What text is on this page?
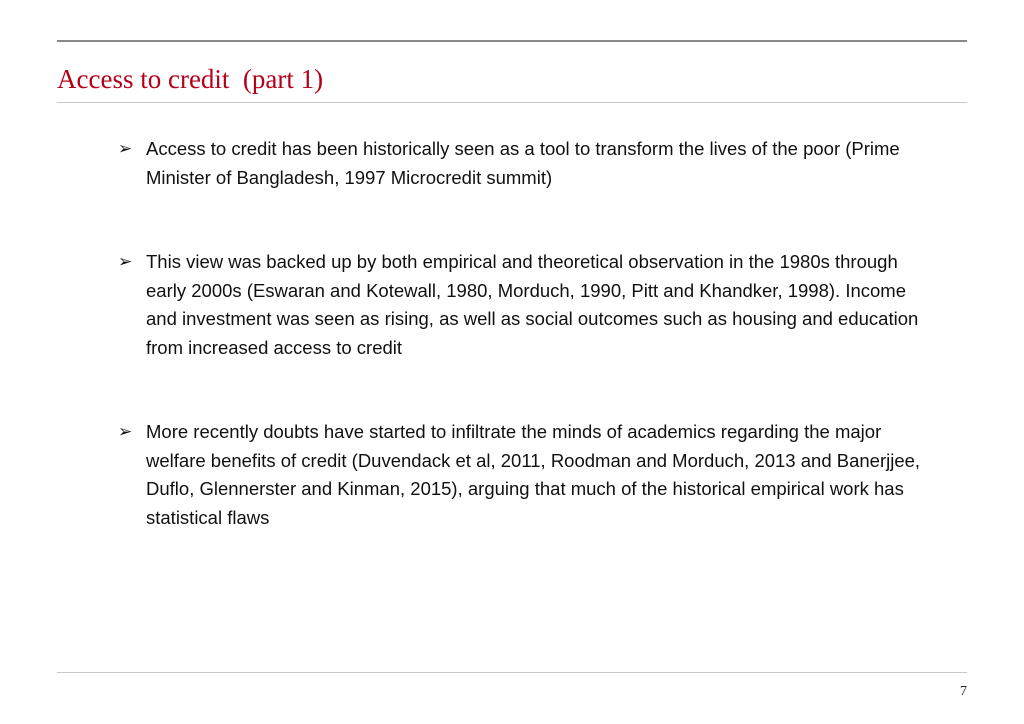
Access to credit  (part 1)
➢ Access to credit has been historically seen as a tool to transform the lives of the poor (Prime Minister of Bangladesh, 1997 Microcredit summit)
➢ This view was backed up by both empirical and theoretical observation in the 1980s through early 2000s (Eswaran and Kotewall, 1980, Morduch, 1990, Pitt and Khandker, 1998). Income and investment was seen as rising, as well as social outcomes such as housing and education from increased access to credit
➢ More recently doubts have started to infiltrate the minds of academics regarding the major welfare benefits of credit (Duvendack et al, 2011, Roodman and Morduch, 2013 and Banerjjee, Duflo, Glennerster and Kinman, 2015), arguing that much of the historical empirical work has statistical flaws
7
